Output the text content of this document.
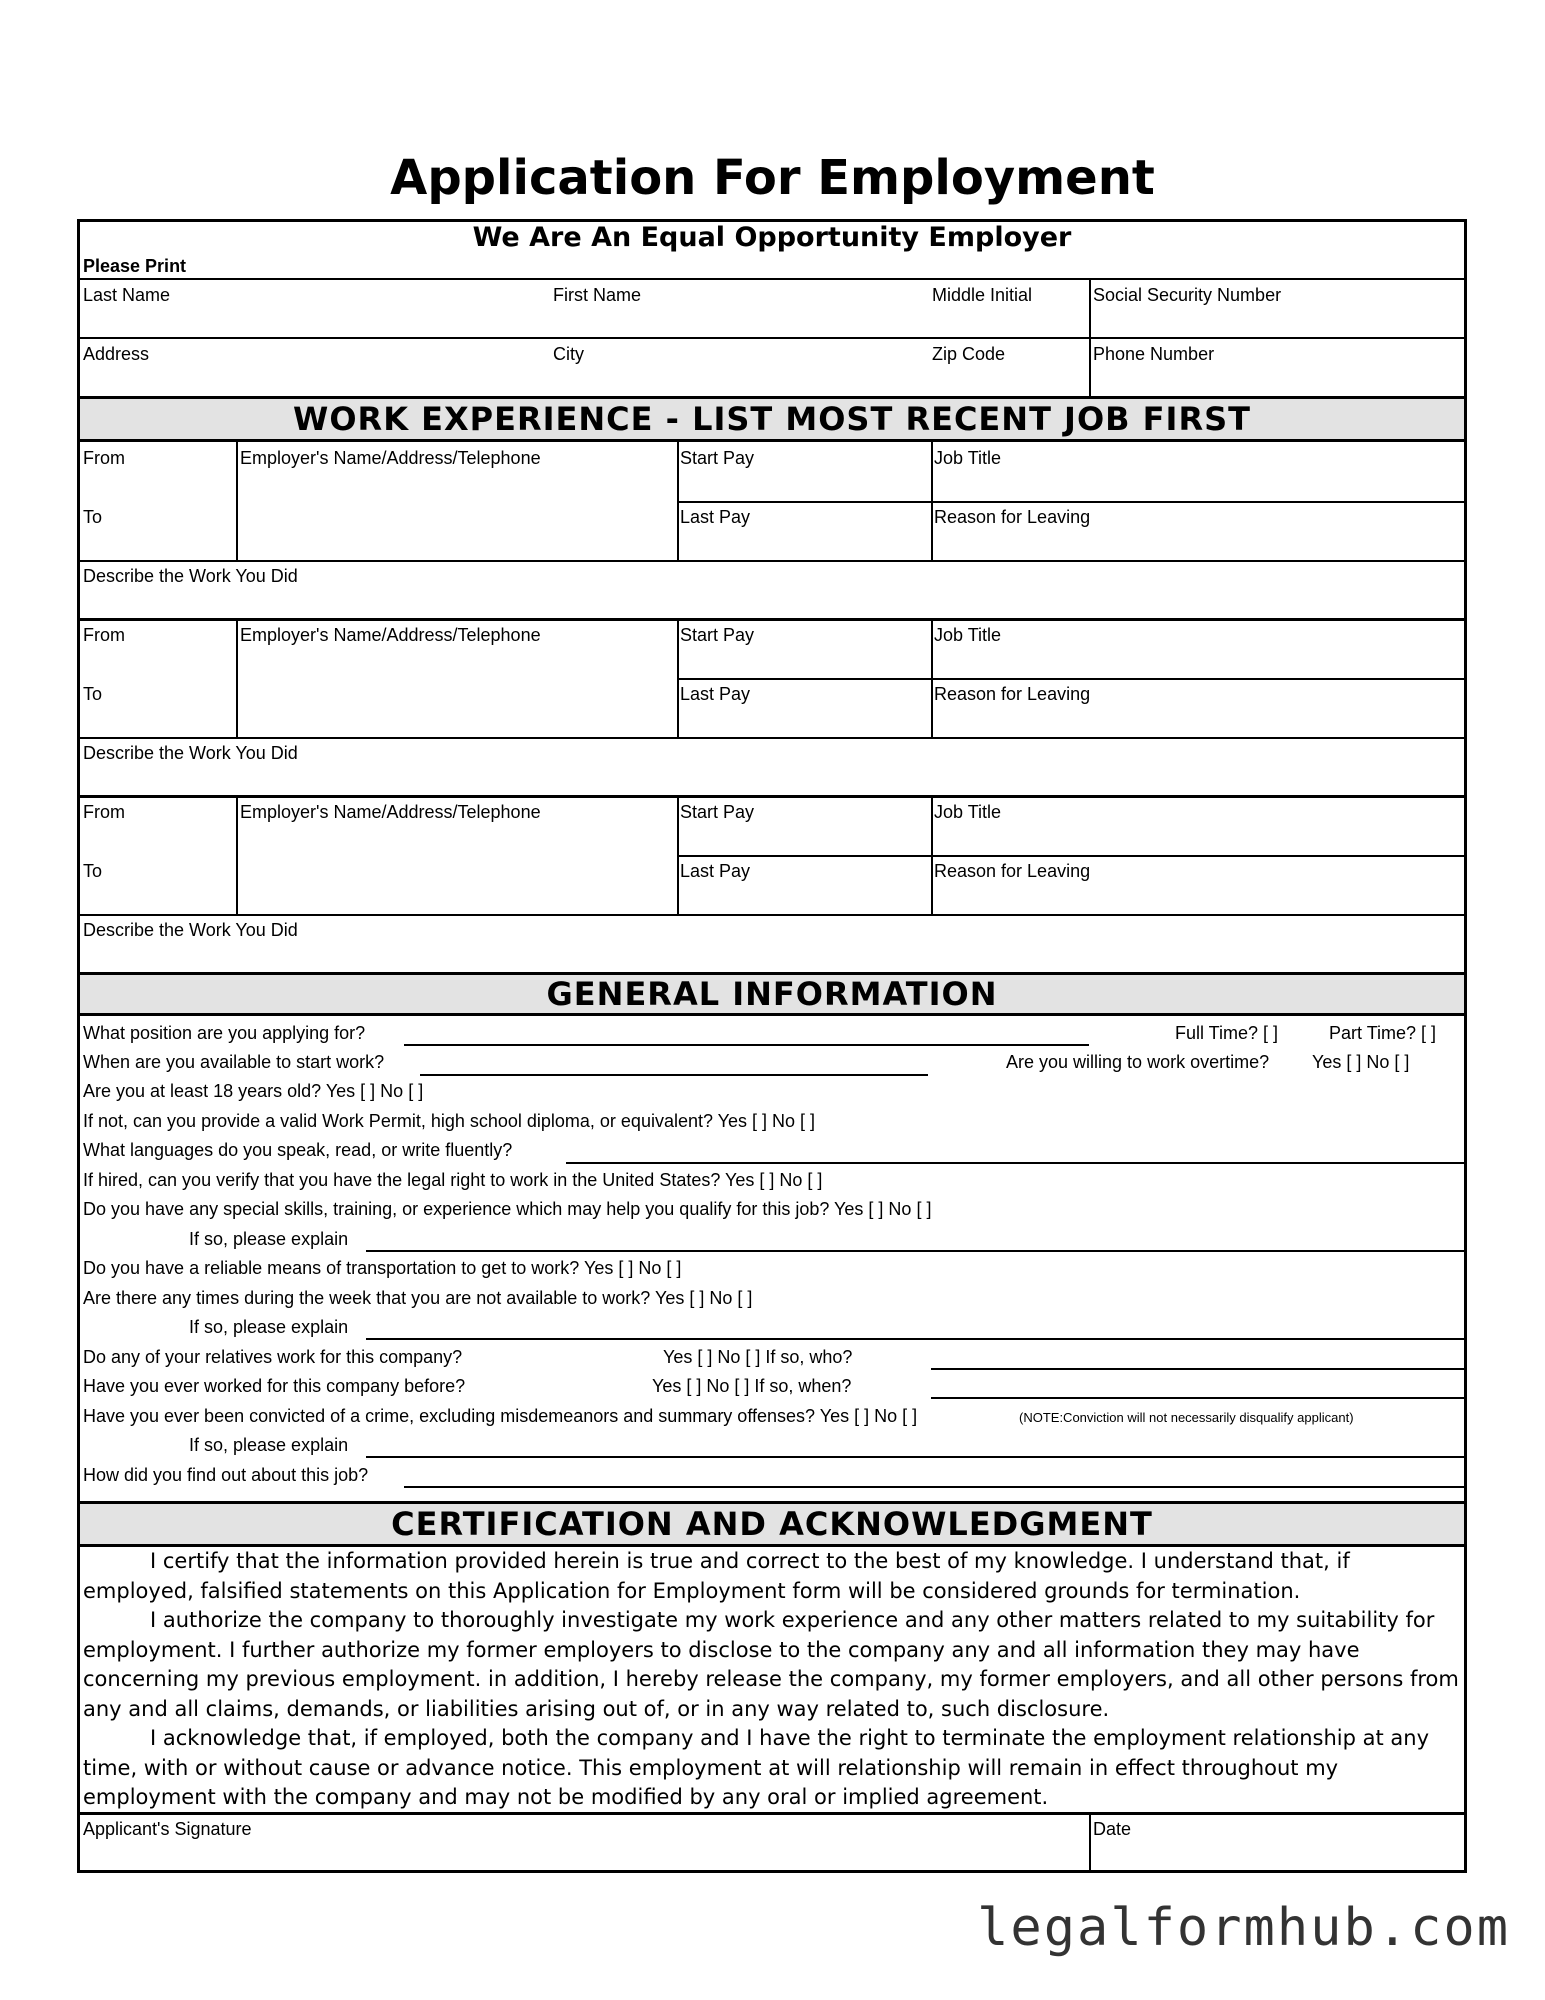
Application For Employment
We Are An Equal Opportunity Employer
Please Print
Last Name	First Name	Middle Initial	Social Security Number
Address	City	Zip Code	Phone Number
WORK EXPERIENCE - LIST MOST RECENT JOB FIRST
From	Employer's Name/Address/Telephone	Start Pay	Job Title
To	Last Pay	Reason for Leaving
Describe the Work You Did
From	Employer's Name/Address/Telephone	Start Pay	Job Title
To	Last Pay	Reason for Leaving
Describe the Work You Did
From	Employer's Name/Address/Telephone	Start Pay	Job Title
To	Last Pay	Reason for Leaving
Describe the Work You Did
GENERAL INFORMATION
What position are you applying for?	Full Time? [ ]	Part Time? [ ]
When are you available to start work?	Are you willing to work overtime? Yes [ ] No [ ]
Are you at least 18 years old? Yes [ ] No [ ]
If not, can you provide a valid Work Permit, high school diploma, or equivalent? Yes [ ] No [ ]
What languages do you speak, read, or write fluently?
If hired, can you verify that you have the legal right to work in the United States? Yes [ ] No [ ]
Do you have any special skills, training, or experience which may help you qualify for this job? Yes [ ] No [ ]
If so, please explain
Do you have a reliable means of transportation to get to work? Yes [ ] No [ ]
Are there any times during the week that you are not available to work? Yes [ ] No [ ]
If so, please explain
Do any of your relatives work for this company?	Yes [ ] No [ ] If so, who?
Have you ever worked for this company before?	Yes [ ] No [ ] If so, when?
Have you ever been convicted of a crime, excluding misdemeanors and summary offenses? Yes [ ] No [ ]	(NOTE:Conviction will not necessarily disqualify applicant)
If so, please explain
How did you find out about this job?
CERTIFICATION AND ACKNOWLEDGMENT

I certify that the information provided herein is true and correct to the best of my knowledge. I understand that, if employed, falsified statements on this Application for Employment form will be considered grounds for termination.

I authorize the company to thoroughly investigate my work experience and any other matters related to my suitability for employment. I further authorize my former employers to disclose to the company any and all information they may have concerning my previous employment. in addition, I hereby release the company, my former employers, and all other persons from any and all claims, demands, or liabilities arising out of, or in any way related to, such disclosure.

I acknowledge that, if employed, both the company and I have the right to terminate the employment relationship at any time, with or without cause or advance notice. This employment at will relationship will remain in effect throughout my employment with the company and may not be modified by any oral or implied agreement.

Applicant's Signature	Date
legalformhub.com
